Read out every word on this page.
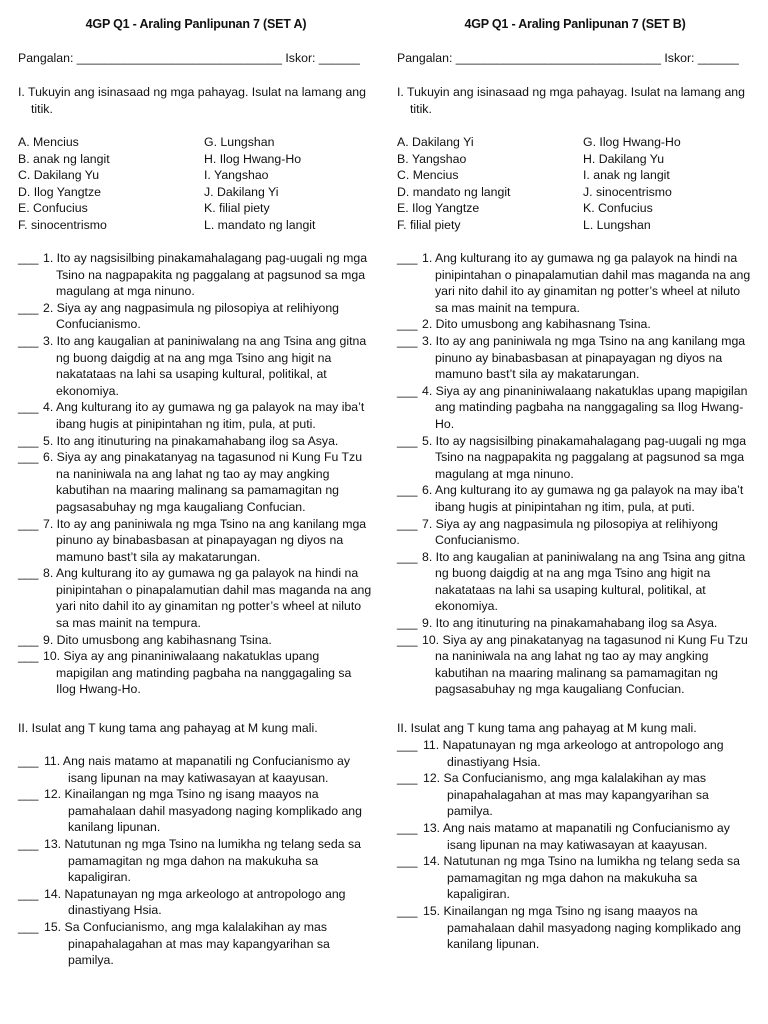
4GP Q1 - Araling Panlipunan 7 (SET A)
Pangalan: ______________________________ Iskor: ______
I. Tukuyin ang isinasaad ng mga pahayag. Isulat na lamang ang titik.
A. Mencius
B. anak ng langit
C. Dakilang Yu
D. Ilog Yangtze
E. Confucius
F. sinocentrismo
G. Lungshan
H. Ilog Hwang-Ho
I. Yangshao
J. Dakilang Yi
K. filial piety
L. mandato ng langit
___ 1. Ito ay nagsisilbing pinakamahalagang pag-uugali ng mga Tsino na nagpapakita ng paggalang at pagsunod sa mga magulang at mga ninuno.
___ 2. Siya ay ang nagpasimula ng pilosopiya at relihiyong Confucianismo.
___ 3. Ito ang kaugalian at paniniwalang na ang Tsina ang gitna ng buong daigdig at na ang mga Tsino ang higit na nakatataas na lahi sa usaping kultural, politikal, at ekonomiya.
___ 4. Ang kulturang ito ay gumawa ng ga palayok na may iba’t ibang hugis at pinipintahan ng itim, pula, at puti.
___ 5. Ito ang itinuturing na pinakamahabang ilog sa Asya.
___ 6. Siya ay ang pinakatanyag na tagasunod ni Kung Fu Tzu na naniniwala na ang lahat ng tao ay may angking kabutihan na maaring malinang sa pamamagitan ng pagsasabuhay ng mga kaugaliang Confucian.
___ 7. Ito ay ang paniniwala ng mga Tsino na ang kanilang mga pinuno ay binabasbasan at pinapayagan ng diyos na mamuno bast’t sila ay makatarungan.
___ 8. Ang kulturang ito ay gumawa ng ga palayok na hindi na pinipintahan o pinapalamutian dahil mas maganda na ang yari nito dahil ito ay ginamitan ng potter’s wheel at niluto sa mas mainit na tempura.
___ 9. Dito umusbong ang kabihasnang Tsina.
___ 10. Siya ay ang pinaniniwalaang nakatuklas upang mapigilan ang matinding pagbaha na nanggagaling sa Ilog Hwang-Ho.
II. Isulat ang T kung tama ang pahayag at M kung mali.
___ 11. Ang nais matamo at mapanatili ng Confucianismo ay isang lipunan na may katiwasayan at kaayusan.
___ 12. Kinailangan ng mga Tsino ng isang maayos na pamahalaan dahil masyadong naging komplikado ang kanilang lipunan.
___ 13. Natutunan ng mga Tsino na lumikha ng telang seda sa pamamagitan ng mga dahon na makukuha sa kapaligiran.
___ 14. Napatunayan ng mga arkeologo at antropologo ang dinastiyang Hsia.
___ 15. Sa Confucianismo, ang mga kalalakihan ay mas pinapahalagahan at mas may kapangyarihan sa pamilya.
4GP Q1 - Araling Panlipunan 7 (SET B)
Pangalan: ______________________________ Iskor: ______
I. Tukuyin ang isinasaad ng mga pahayag. Isulat na lamang ang titik.
A. Dakilang Yi
B. Yangshao
C. Mencius
D. mandato ng langit
E. Ilog Yangtze
F. filial piety
G. Ilog Hwang-Ho
H. Dakilang Yu
I. anak ng langit
J. sinocentrismo
K. Confucius
L. Lungshan
___ 1. Ang kulturang ito ay gumawa ng ga palayok na hindi na pinipintahan o pinapalamutian dahil mas maganda na ang yari nito dahil ito ay ginamitan ng potter’s wheel at niluto sa mas mainit na tempura.
___ 2. Dito umusbong ang kabihasnang Tsina.
___ 3. Ito ay ang paniniwala ng mga Tsino na ang kanilang mga pinuno ay binabasbasan at pinapayagan ng diyos na mamuno bast’t sila ay makatarungan.
___ 4. Siya ay ang pinaniniwalaang nakatuklas upang mapigilan ang matinding pagbaha na nanggagaling sa Ilog Hwang-Ho.
___ 5. Ito ay nagsisilbing pinakamahalagang pag-uugali ng mga Tsino na nagpapakita ng paggalang at pagsunod sa mga magulang at mga ninuno.
___ 6. Ang kulturang ito ay gumawa ng ga palayok na may iba’t ibang hugis at pinipintahan ng itim, pula, at puti.
___ 7. Siya ay ang nagpasimula ng pilosopiya at relihiyong Confucianismo.
___ 8. Ito ang kaugalian at paniniwalang na ang Tsina ang gitna ng buong daigdig at na ang mga Tsino ang higit na nakatataas na lahi sa usaping kultural, politikal, at ekonomiya.
___ 9. Ito ang itinuturing na pinakamahabang ilog sa Asya.
___ 10. Siya ay ang pinakatanyag na tagasunod ni Kung Fu Tzu na naniniwala na ang lahat ng tao ay may angking kabutihan na maaring malinang sa pamamagitan ng pagsasabuhay ng mga kaugaliang Confucian.
II. Isulat ang T kung tama ang pahayag at M kung mali.
___ 11. Napatunayan ng mga arkeologo at antropologo ang dinastiyang Hsia.
___ 12. Sa Confucianismo, ang mga kalalakihan ay mas pinapahalagahan at mas may kapangyarihan sa pamilya.
___ 13. Ang nais matamo at mapanatili ng Confucianismo ay isang lipunan na may katiwasayan at kaayusan.
___ 14. Natutunan ng mga Tsino na lumikha ng telang seda sa pamamagitan ng mga dahon na makukuha sa kapaligiran.
___ 15. Kinailangan ng mga Tsino ng isang maayos na pamahalaan dahil masyadong naging komplikado ang kanilang lipunan.
